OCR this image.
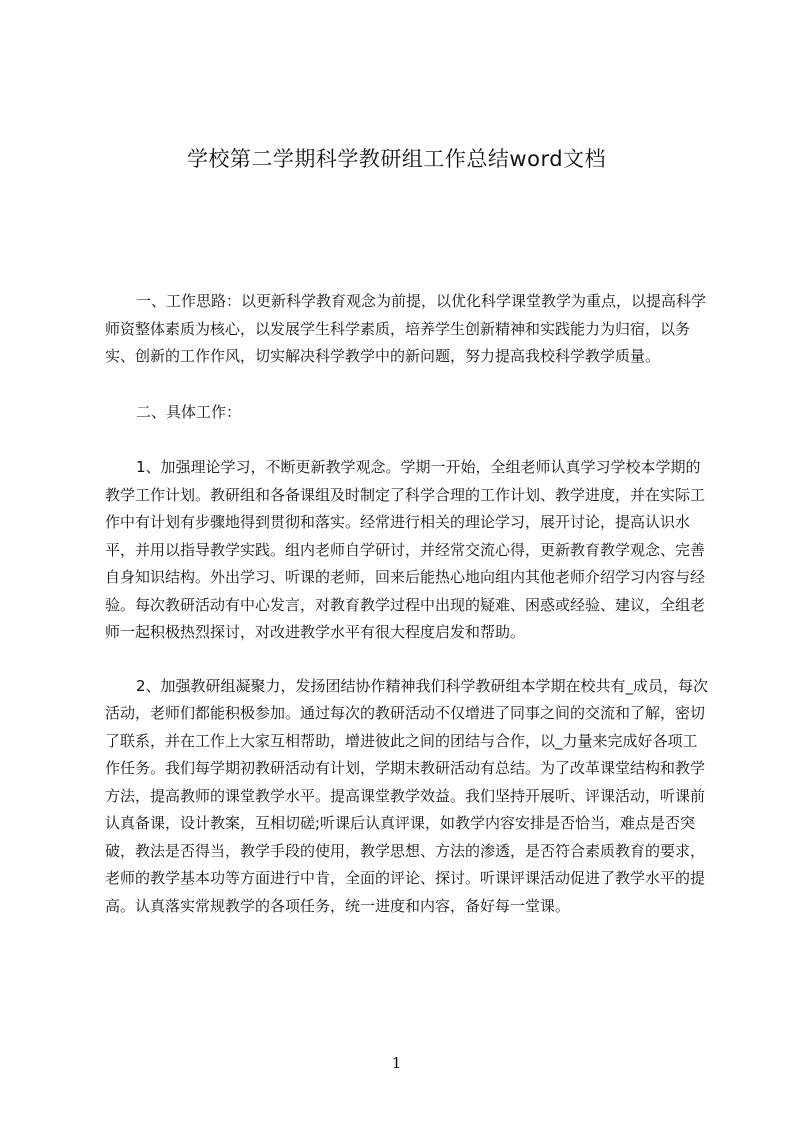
学校第二学期科学教研组工作总结word文档

一、工作思路：以更新科学教育观念为前提，以优化科学课堂教学为重点，以提高科学师资整体素质为核心，以发展学生科学素质，培养学生创新精神和实践能力为归宿，以务实、创新的工作作风，切实解决科学教学中的新问题，努力提高我校科学教学质量。

二、具体工作：

1、加强理论学习，不断更新教学观念。学期一开始，全组老师认真学习学校本学期的教学工作计划。教研组和各备课组及时制定了科学合理的工作计划、教学进度，并在实际工作中有计划有步骤地得到贯彻和落实。经常进行相关的理论学习，展开讨论，提高认识水平，并用以指导教学实践。组内老师自学研讨，并经常交流心得，更新教育教学观念、完善自身知识结构。外出学习、听课的老师，回来后能热心地向组内其他老师介绍学习内容与经验。每次教研活动有中心发言，对教育教学过程中出现的疑难、困惑或经验、建议，全组老师一起积极热烈探讨，对改进教学水平有很大程度启发和帮助。

2、加强教研组凝聚力，发扬团结协作精神我们科学教研组本学期在校共有_成员，每次活动，老师们都能积极参加。通过每次的教研活动不仅增进了同事之间的交流和了解，密切了联系，并在工作上大家互相帮助，增进彼此之间的团结与合作，以_力量来完成好各项工作任务。我们每学期初教研活动有计划，学期末教研活动有总结。为了改革课堂结构和教学方法，提高教师的课堂教学水平。提高课堂教学效益。我们坚持开展听、评课活动，听课前认真备课，设计教案，互相切磋;听课后认真评课，如教学内容安排是否恰当，难点是否突破，教法是否得当，教学手段的使用，教学思想、方法的渗透，是否符合素质教育的要求，老师的教学基本功等方面进行中肯，全面的评论、探讨。听课评课活动促进了教学水平的提高。认真落实常规教学的各项任务，统一进度和内容，备好每一堂课。

1
